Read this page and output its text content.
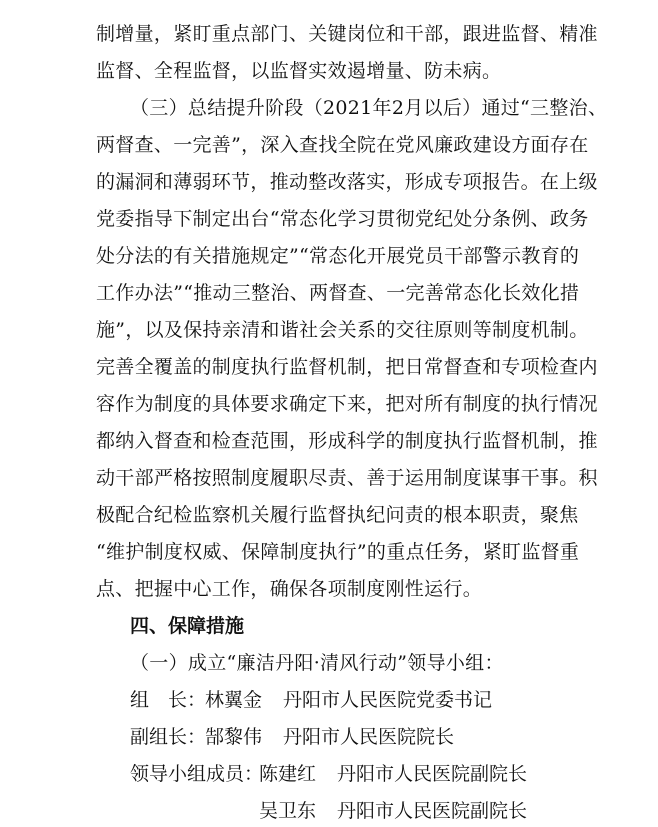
制增量，紧盯重点部门、关键岗位和干部，跟进监督、精准
监督、全程监督，以监督实效遏增量、防未病。
（三）总结提升阶段（2021年2月以后）通过“三整治、
两督查、一完善”，深入查找全院在党风廉政建设方面存在
的漏洞和薄弱环节，推动整改落实，形成专项报告。在上级
党委指导下制定出台“常态化学习贯彻党纪处分条例、政务
处分法的有关措施规定”“常态化开展党员干部警示教育的
工作办法”“推动三整治、两督查、一完善常态化长效化措
施”，以及保持亲清和谐社会关系的交往原则等制度机制。
完善全覆盖的制度执行监督机制，把日常督查和专项检查内
容作为制度的具体要求确定下来，把对所有制度的执行情况
都纳入督查和检查范围，形成科学的制度执行监督机制，推
动干部严格按照制度履职尽责、善于运用制度谋事干事。积
极配合纪检监察机关履行监督执纪问责的根本职责，聚焦
“维护制度权威、保障制度执行”的重点任务，紧盯监督重
点、把握中心工作，确保各项制度刚性运行。
四、保障措施
（一）成立“廉洁丹阳·清风行动”领导小组：
组　长：林翼金 丹阳市人民医院党委书记
副组长：郜黎伟 丹阳市人民医院院长
领导小组成员：陈建红 丹阳市人民医院副院长
吴卫东 丹阳市人民医院副院长
